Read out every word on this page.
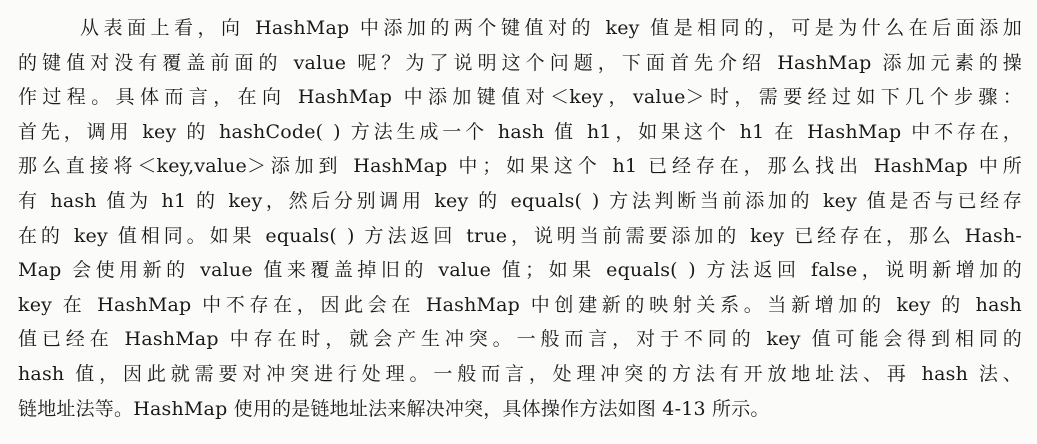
从表面上看，向 HashMap 中添加的两个键值对的 key 值是相同的，可是为什么在后面添加
的键值对没有覆盖前面的 value 呢？为了说明这个问题，下面首先介绍 HashMap 添加元素的操
作过程。具体而言，在向 HashMap 中添加键值对＜key，value＞时，需要经过如下几个步骤：
首先，调用 key 的 hashCode( ) 方法生成一个 hash 值 h1，如果这个 h1 在 HashMap 中不存在，
那么直接将＜key,value＞添加到 HashMap 中；如果这个 h1 已经存在，那么找出 HashMap 中所
有 hash 值为 h1 的 key，然后分别调用 key 的 equals( ) 方法判断当前添加的 key 值是否与已经存
在的 key 值相同。如果 equals( ) 方法返回 true，说明当前需要添加的 key 已经存在，那么 Hash-
Map 会使用新的 value 值来覆盖掉旧的 value 值；如果 equals( ) 方法返回 false，说明新增加的
key 在 HashMap 中不存在，因此会在 HashMap 中创建新的映射关系。当新增加的 key 的 hash
值已经在 HashMap 中存在时，就会产生冲突。一般而言，对于不同的 key 值可能会得到相同的
hash 值，因此就需要对冲突进行处理。一般而言，处理冲突的方法有开放地址法、再 hash 法、
链地址法等。HashMap 使用的是链地址法来解决冲突，具体操作方法如图 4-13 所示。
